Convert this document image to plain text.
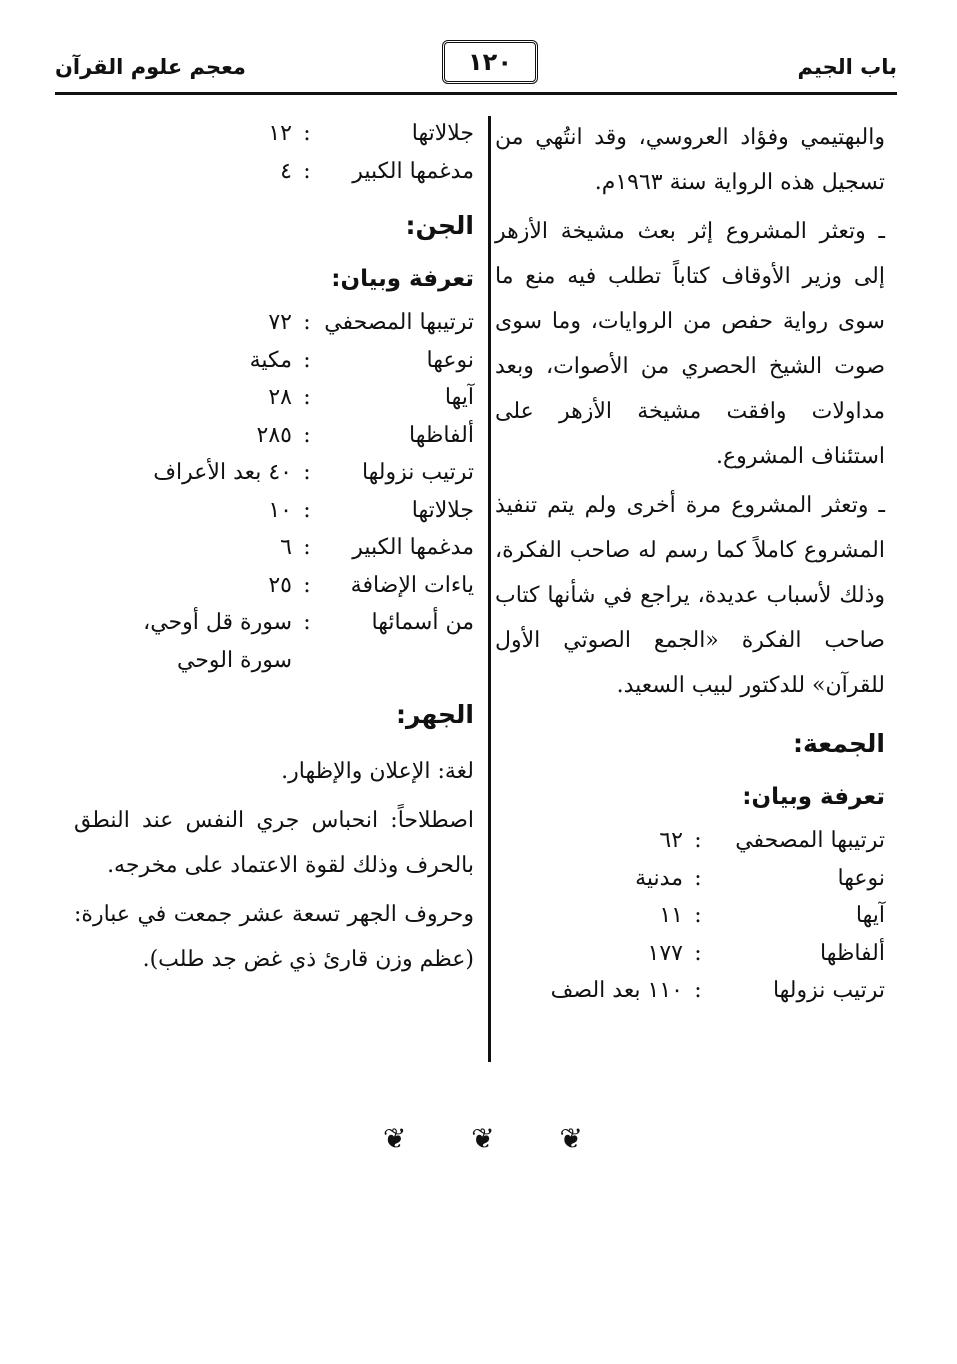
معجم علوم القرآن	١٢٠	باب الجيم

والبهتيمي وفؤاد العروسي، وقد انتُهي من تسجيل هذه الرواية سنة ١٩٦٣م.

ـ وتعثر المشروع إثر بعث مشيخة الأزهر إلى وزير الأوقاف كتاباً تطلب فيه منع ما سوى رواية حفص من الروايات، وما سوى صوت الشيخ الحصري من الأصوات، وبعد مداولات وافقت مشيخة الأزهر على استئناف المشروع.

ـ وتعثر المشروع مرة أخرى ولم يتم تنفيذ المشروع كاملاً كما رسم له صاحب الفكرة، وذلك لأسباب عديدة، يراجع في شأنها كتاب صاحب الفكرة «الجمع الصوتي الأول للقرآن» للدكتور لبيب السعيد.

الجمعة:
تعرفة وبيان:
ترتيبها المصحفي
:
٦٢
نوعها
:
مدنية
آيها
:
١١
ألفاظها
:
١٧٧
ترتيب نزولها
:
١١٠ بعد الصف
جلالاتها
:
١٢
مدغمها الكبير
:
٤
الجن:
تعرفة وبيان:
ترتيبها المصحفي
:
٧٢
نوعها
:
مكية
آيها
:
٢٨
ألفاظها
:
٢٨٥
ترتيب نزولها
:
٤٠ بعد الأعراف
جلالاتها
:
١٠
مدغمها الكبير
:
٦
ياءات الإضافة
:
٢٥
من أسمائها
:
سورة قل أوحي،
سورة الوحي
الجهر:

لغة: الإعلان والإظهار.

اصطلاحاً: انحباس جري النفس عند النطق بالحرف وذلك لقوة الاعتماد على مخرجه.

وحروف الجهر تسعة عشر جمعت في عبارة: (عظم وزن قارئ ذي غض جد طلب).

❦ ❦ ❦
